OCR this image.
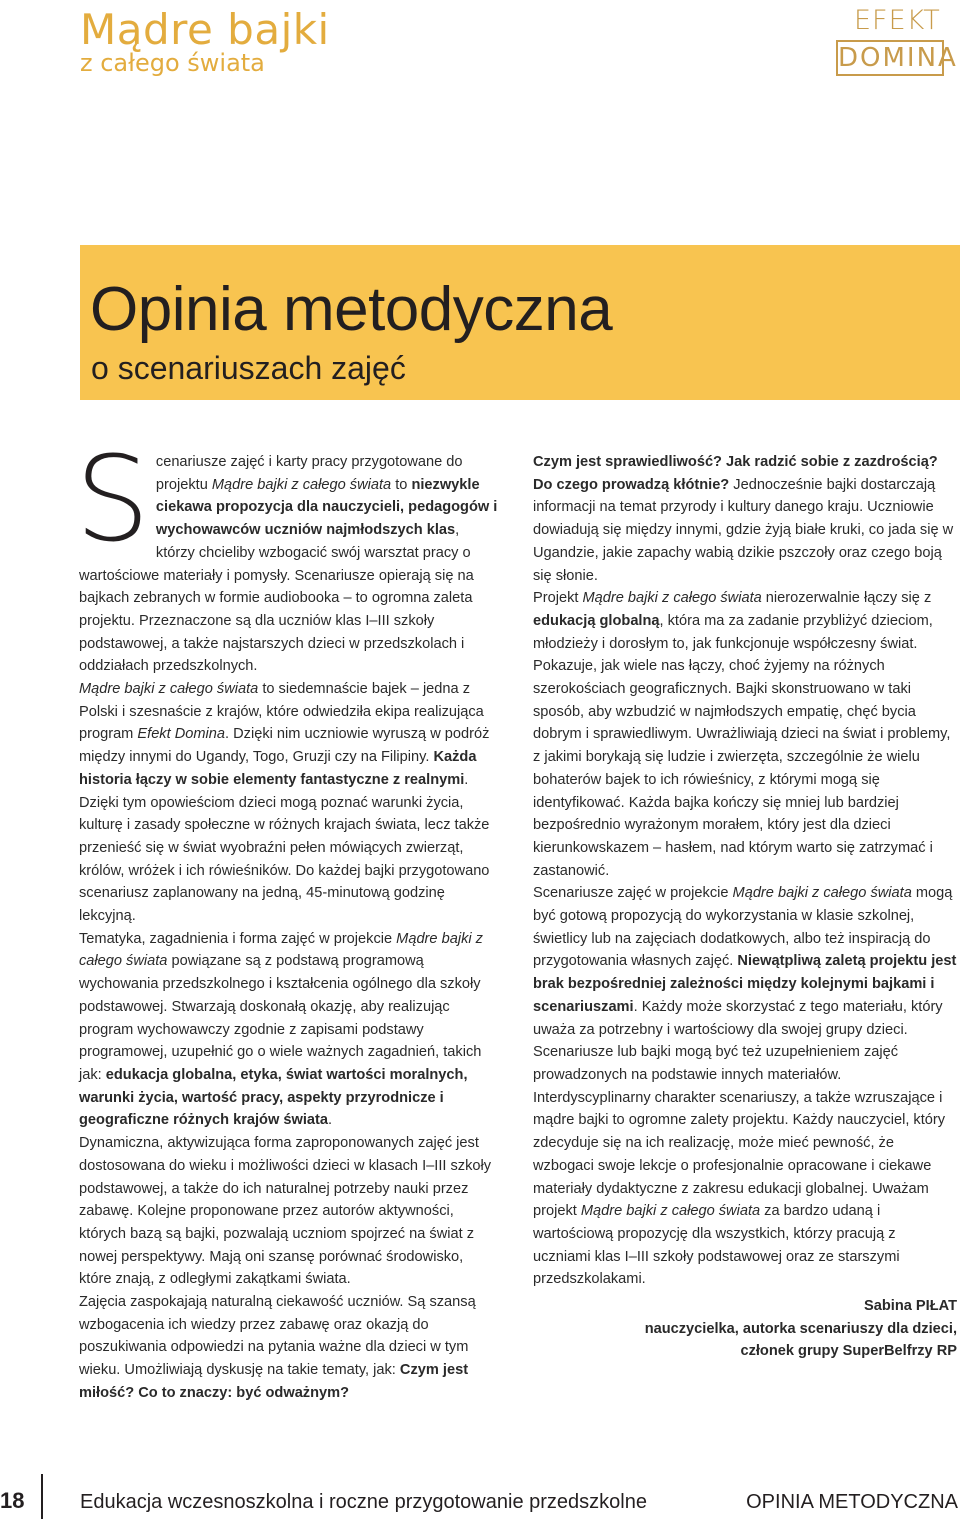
Mądre bajki
z całego świata
EFEKT
DOMINA
Opinia metodyczna
o scenariuszach zajęć

Scenariusze zajęć i karty pracy przygotowane do projektu Mądre bajki z całego świata to niezwykle ciekawa propozycja dla nauczycieli, pedagogów i wychowawców uczniów najmłodszych klas, którzy chcieliby wzbogacić swój warsztat pracy o wartościowe materiały i pomysły. Scenariusze opierają się na bajkach zebranych w formie audiobooka – to ogromna zaleta projektu. Przeznaczone są dla uczniów klas I–III szkoły podstawowej, a także najstarszych dzieci w przedszkolach i oddziałach przedszkolnych.

Mądre bajki z całego świata to siedemnaście bajek – jedna z Polski i szesnaście z krajów, które odwiedziła ekipa realizująca program Efekt Domina. Dzięki nim uczniowie wyruszą w podróż między innymi do Ugandy, Togo, Gruzji czy na Filipiny. Każda historia łączy w sobie elementy fantastyczne z realnymi. Dzięki tym opowieściom dzieci mogą poznać warunki życia, kulturę i zasady społeczne w różnych krajach świata, lecz także przenieść się w świat wyobraźni pełen mówiących zwierząt, królów, wróżek i ich rówieśników. Do każdej bajki przygotowano scenariusz zaplanowany na jedną, 45-minutową godzinę lekcyjną.

Tematyka, zagadnienia i forma zajęć w projekcie Mądre bajki z całego świata powiązane są z podstawą programową wychowania przedszkolnego i kształcenia ogólnego dla szkoły podstawowej. Stwarzają doskonałą okazję, aby realizując program wychowawczy zgodnie z zapisami podstawy programowej, uzupełnić go o wiele ważnych zagadnień, takich jak: edukacja globalna, etyka, świat wartości moralnych, warunki życia, wartość pracy, aspekty przyrodnicze i geograficzne różnych krajów świata.

Dynamiczna, aktywizująca forma zaproponowanych zajęć jest dostosowana do wieku i możliwości dzieci w klasach I–III szkoły podstawowej, a także do ich naturalnej potrzeby nauki przez zabawę. Kolejne proponowane przez autorów aktywności, których bazą są bajki, pozwalają uczniom spojrzeć na świat z nowej perspektywy. Mają oni szansę porównać środowisko, które znają, z odległymi zakątkami świata.

Zajęcia zaspokajają naturalną ciekawość uczniów. Są szansą wzbogacenia ich wiedzy przez zabawę oraz okazją do poszukiwania odpowiedzi na pytania ważne dla dzieci w tym wieku. Umożliwiają dyskusję na takie tematy, jak: Czym jest miłość? Co to znaczy: być odważnym?

Czym jest sprawiedliwość? Jak radzić sobie z zazdrością? Do czego prowadzą kłótnie? Jednocześnie bajki dostarczają informacji na temat przyrody i kultury danego kraju. Uczniowie dowiadują się między innymi, gdzie żyją białe kruki, co jada się w Ugandzie, jakie zapachy wabią dzikie pszczoły oraz czego boją się słonie.

Projekt Mądre bajki z całego świata nierozerwalnie łączy się z edukacją globalną, która ma za zadanie przybliżyć dzieciom, młodzieży i dorosłym to, jak funkcjonuje współczesny świat. Pokazuje, jak wiele nas łączy, choć żyjemy na różnych szerokościach geograficznych. Bajki skonstruowano w taki sposób, aby wzbudzić w najmłodszych empatię, chęć bycia dobrym i sprawiedliwym. Uwrażliwiają dzieci na świat i problemy, z jakimi borykają się ludzie i zwierzęta, szczególnie że wielu bohaterów bajek to ich rówieśnicy, z którymi mogą się identyfikować. Każda bajka kończy się mniej lub bardziej bezpośrednio wyrażonym morałem, który jest dla dzieci kierunkowskazem – hasłem, nad którym warto się zatrzymać i zastanowić.

Scenariusze zajęć w projekcie Mądre bajki z całego świata mogą być gotową propozycją do wykorzystania w klasie szkolnej, świetlicy lub na zajęciach dodatkowych, albo też inspiracją do przygotowania własnych zajęć. Niewątpliwą zaletą projektu jest brak bezpośredniej zależności między kolejnymi bajkami i scenariuszami. Każdy może skorzystać z tego materiału, który uważa za potrzebny i wartościowy dla swojej grupy dzieci. Scenariusze lub bajki mogą być też uzupełnieniem zajęć prowadzonych na podstawie innych materiałów.

Interdyscyplinarny charakter scenariuszy, a także wzruszające i mądre bajki to ogromne zalety projektu. Każdy nauczyciel, który zdecyduje się na ich realizację, może mieć pewność, że wzbogaci swoje lekcje o profesjonalnie opracowane i ciekawe materiały dydaktyczne z zakresu edukacji globalnej. Uważam projekt Mądre bajki z całego świata za bardzo udaną i wartościową propozycję dla wszystkich, którzy pracują z uczniami klas I–III szkoły podstawowej oraz ze starszymi przedszkolakami.

Sabina PIŁAT
nauczycielka, autorka scenariuszy dla dzieci,
członek grupy SuperBelfrzy RP
18	Edukacja wczesnoszkolna i roczne przygotowanie przedszkolne	OPINIA METODYCZNA
